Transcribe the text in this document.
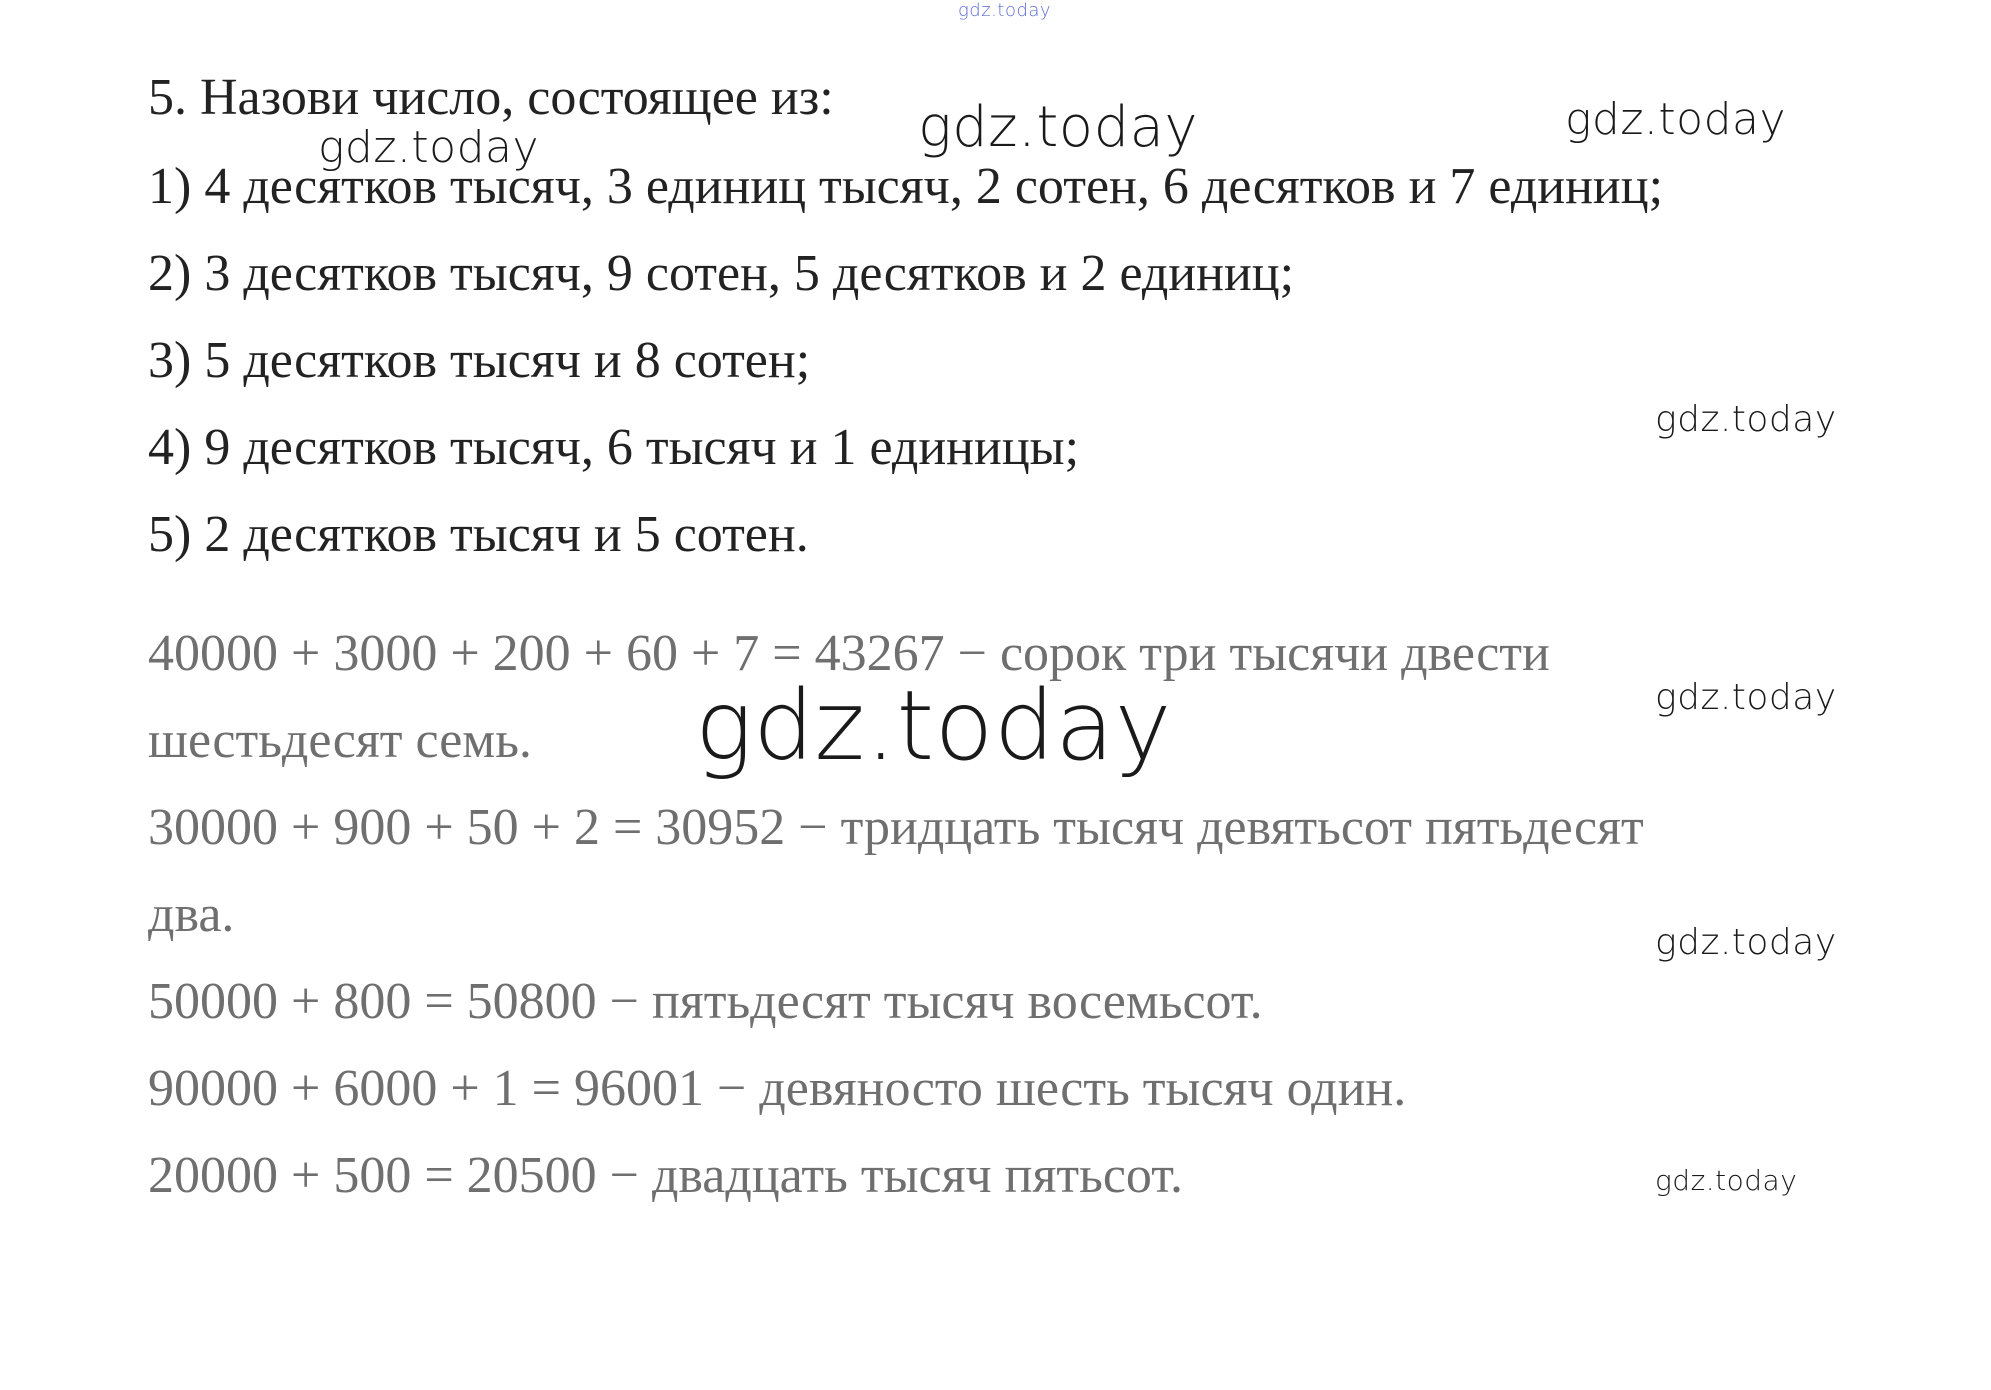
5. Назови число, состоящее из:

1) 4 десятков тысяч, 3 единиц тысяч, 2 сотен, 6 десятков и 7 единиц;

2) 3 десятков тысяч, 9 сотен, 5 десятков и 2 единиц;

3) 5 десятков тысяч и 8 сотен;

4) 9 десятков тысяч, 6 тысяч и 1 единицы;

5) 2 десятков тысяч и 5 сотен.

40000 + 3000 + 200 + 60 + 7 = 43267 − сорок три тысячи двести

шестьдесят семь.

30000 + 900 + 50 + 2 = 30952 − тридцать тысяч девятьсот пятьдесят

два.

50000 + 800 = 50800 − пятьдесят тысяч восемьсот.

90000 + 6000 + 1 = 96001 − девяносто шесть тысяч один.

20000 + 500 = 20500 − двадцать тысяч пятьсот.

gdz.today
gdz.today	gdz.today	gdz.today
gdz.today
gdz.today
gdz.today
gdz.today
gdz.today
